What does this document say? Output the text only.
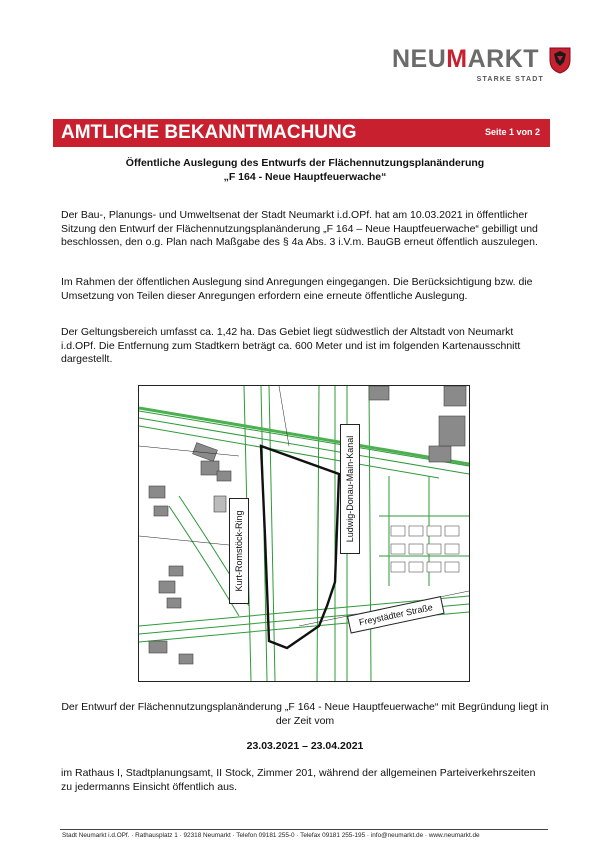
NEUMARKT
STARKE STADT
AMTLICHE BEKANNTMACHUNG	Seite 1 von 2
Öffentliche Auslegung des Entwurfs der Flächennutzungsplanänderung
„F 164 - Neue Hauptfeuerwache“
Der Bau-, Planungs- und Umweltsenat der Stadt Neumarkt i.d.OPf. hat am 10.03.2021 in öffentlicher Sitzung den Entwurf der Flächennutzungsplanänderung „F 164 – Neue Hauptfeuerwache“ gebilligt und beschlossen, den o.g. Plan nach Maßgabe des § 4a Abs. 3 i.V.m. BauGB erneut öffentlich auszulegen.
Im Rahmen der öffentlichen Auslegung sind Anregungen eingegangen. Die Berücksichtigung bzw. die Umsetzung von Teilen dieser Anregungen erfordern eine erneute öffentliche Auslegung.
Der Geltungsbereich umfasst ca. 1,42 ha. Das Gebiet liegt südwestlich der Altstadt von Neumarkt i.d.OPf. Die Entfernung zum Stadtkern beträgt ca. 600 Meter und ist im folgenden Kartenausschnitt dargestellt.
Kurt-Romstöck-Ring
Ludwig-Donau-Main-Kanal
Freystädter Straße
Der Entwurf der Flächennutzungsplanänderung „F 164 - Neue Hauptfeuerwache“ mit Begründung liegt in der Zeit vom
23.03.2021 – 23.04.2021
im Rathaus I, Stadtplanungsamt, II Stock, Zimmer 201, während der allgemeinen Parteiverkehrszeiten zu jedermanns Einsicht öffentlich aus.
Stadt Neumarkt i.d.OPf. · Rathausplatz 1 · 92318 Neumarkt · Telefon 09181 255-0 · Telefax 09181 255-195 · info@neumarkt.de · www.neumarkt.de
